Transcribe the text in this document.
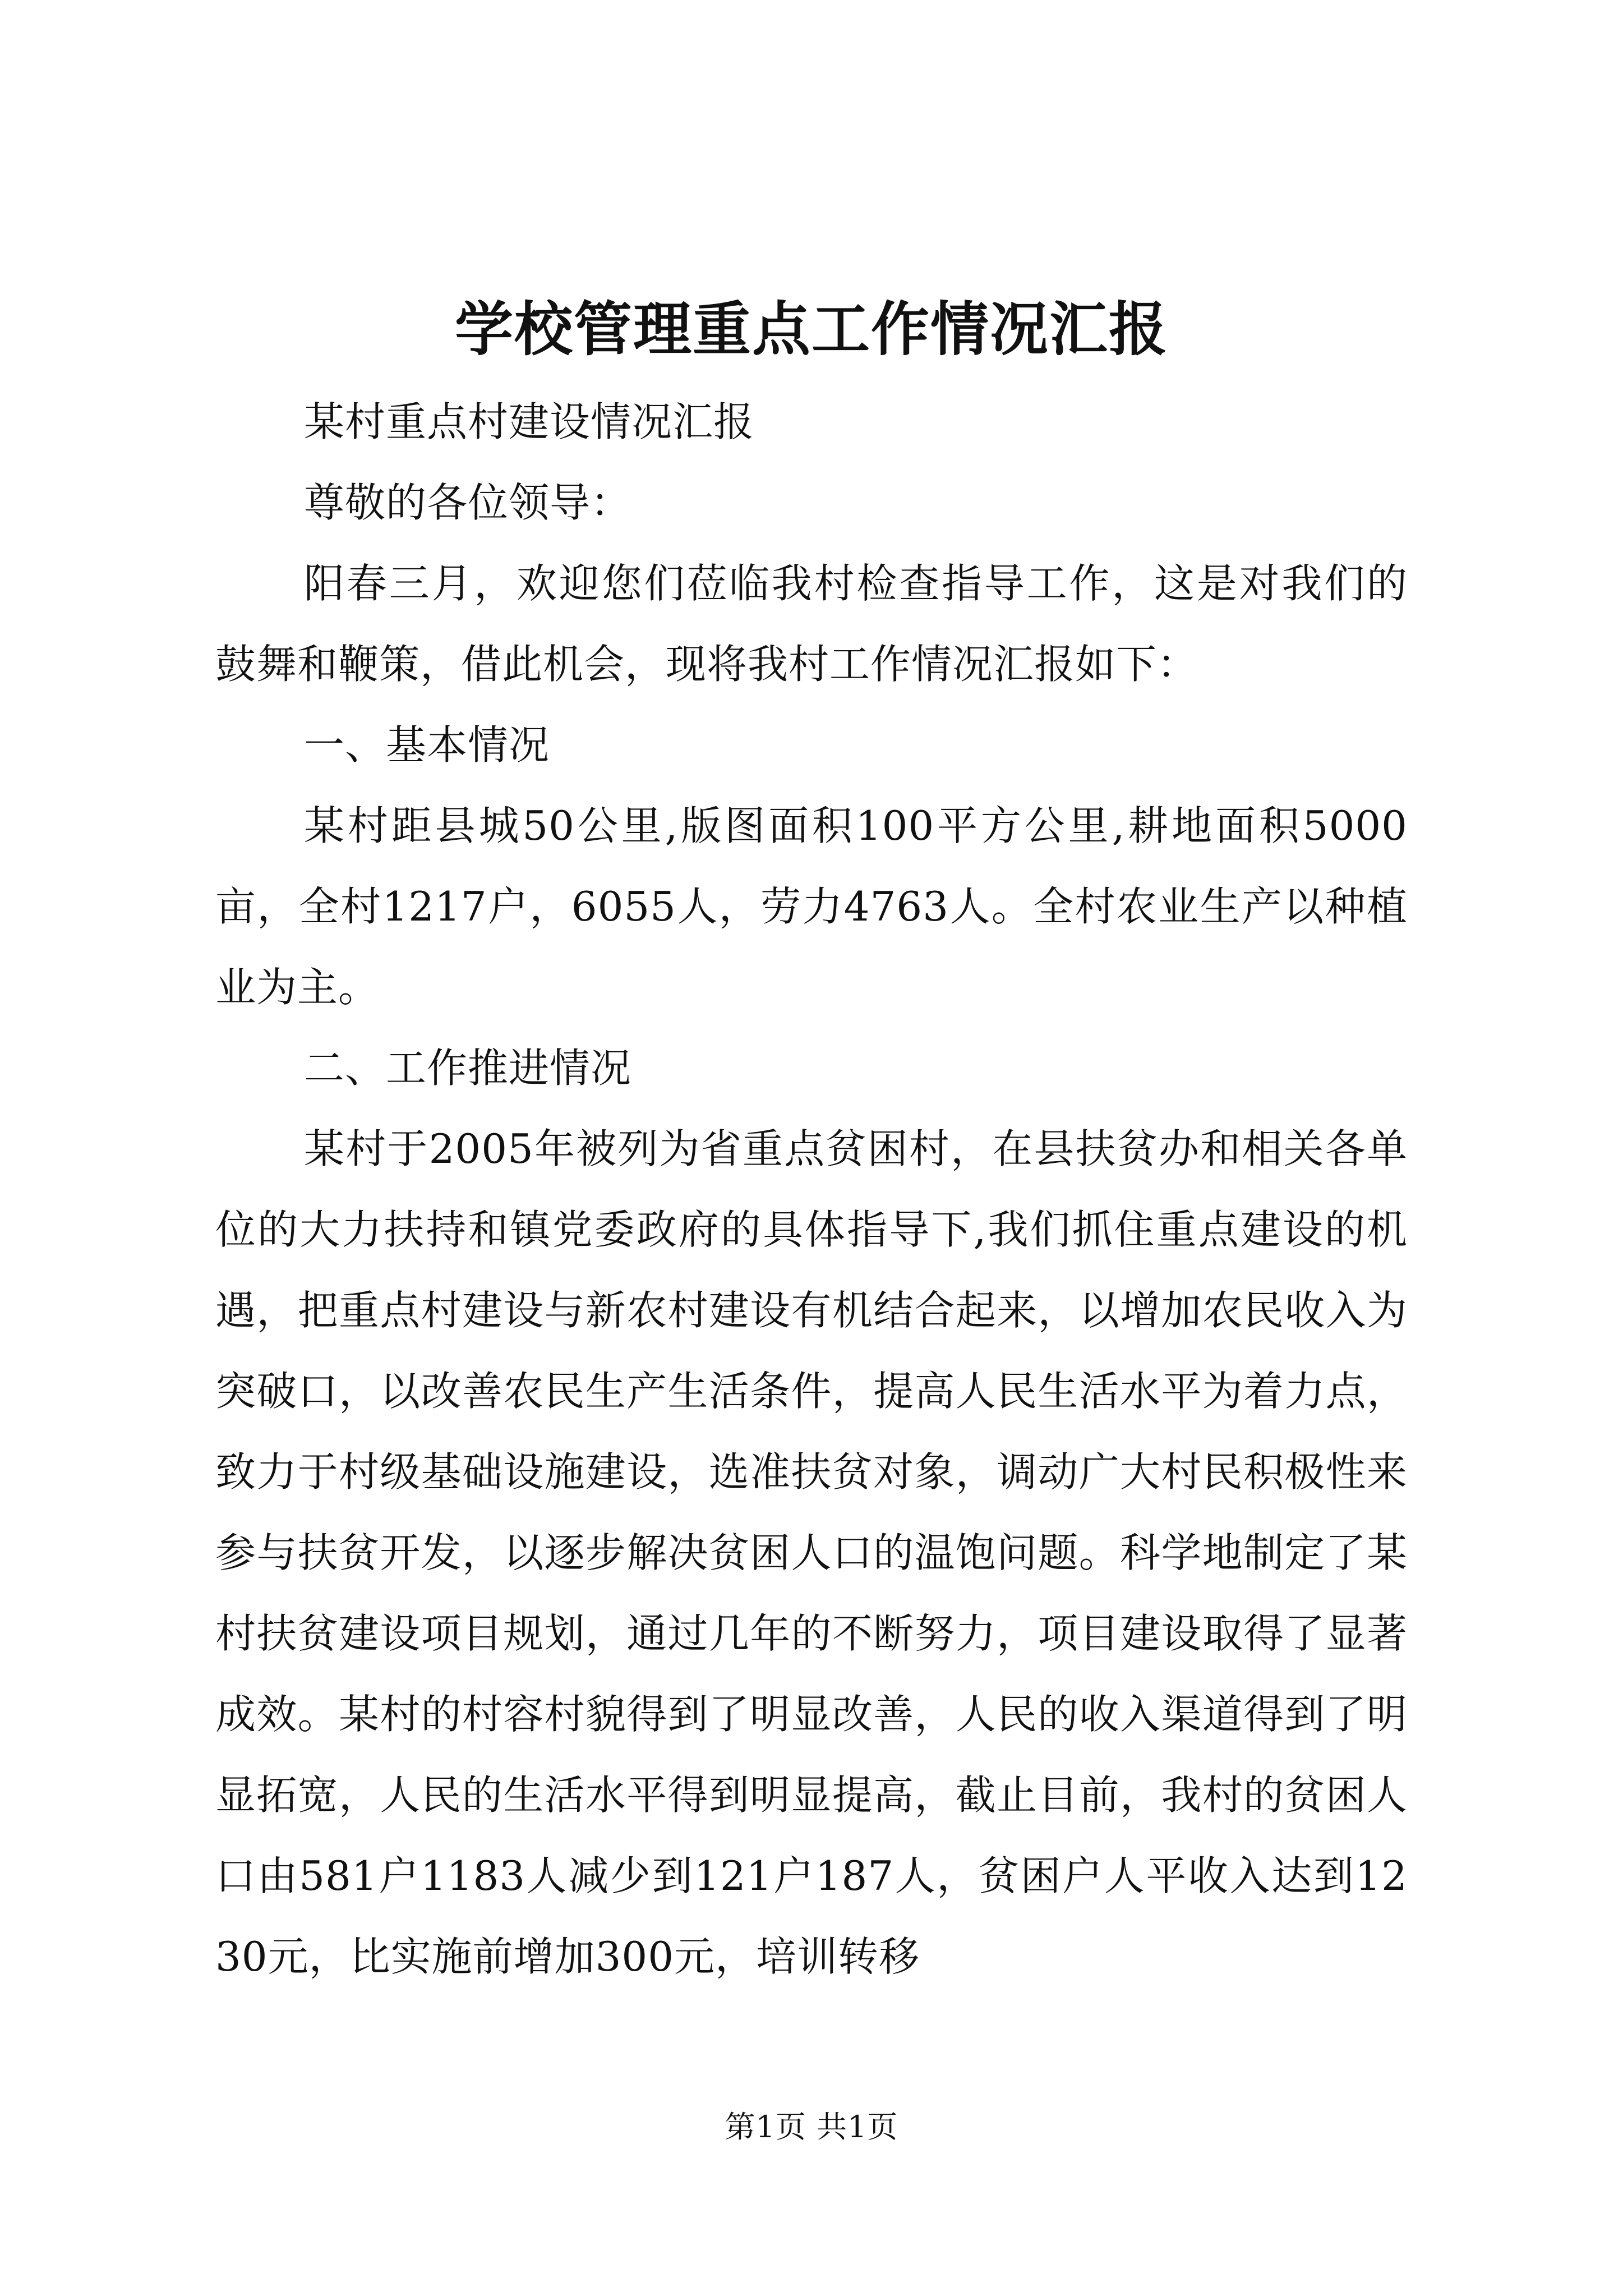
学校管理重点工作情况汇报

某村重点村建设情况汇报

尊敬的各位领导：

阳春三月，欢迎您们莅临我村检查指导工作，这是对我们的鼓舞和鞭策，借此机会，现将我村工作情况汇报如下：

一、基本情况

某村距县城50公里,版图面积100平方公里,耕地面积5000亩，全村1217户，6055人，劳力4763人。全村农业生产以种植业为主。

二、工作推进情况

某村于2005年被列为省重点贫困村，在县扶贫办和相关各单位的大力扶持和镇党委政府的具体指导下,我们抓住重点建设的机遇，把重点村建设与新农村建设有机结合起来，以增加农民收入为突破口，以改善农民生产生活条件，提高人民生活水平为着力点，致力于村级基础设施建设，选准扶贫对象，调动广大村民积极性来参与扶贫开发，以逐步解决贫困人口的温饱问题。科学地制定了某村扶贫建设项目规划，通过几年的不断努力，项目建设取得了显著成效。某村的村容村貌得到了明显改善，人民的收入渠道得到了明显拓宽，人民的生活水平得到明显提高，截止目前，我村的贫困人口由581户1183人减少到121户187人，贫困户人平收入达到1230元，比实施前增加300元，培训转移

第1页 共1页
